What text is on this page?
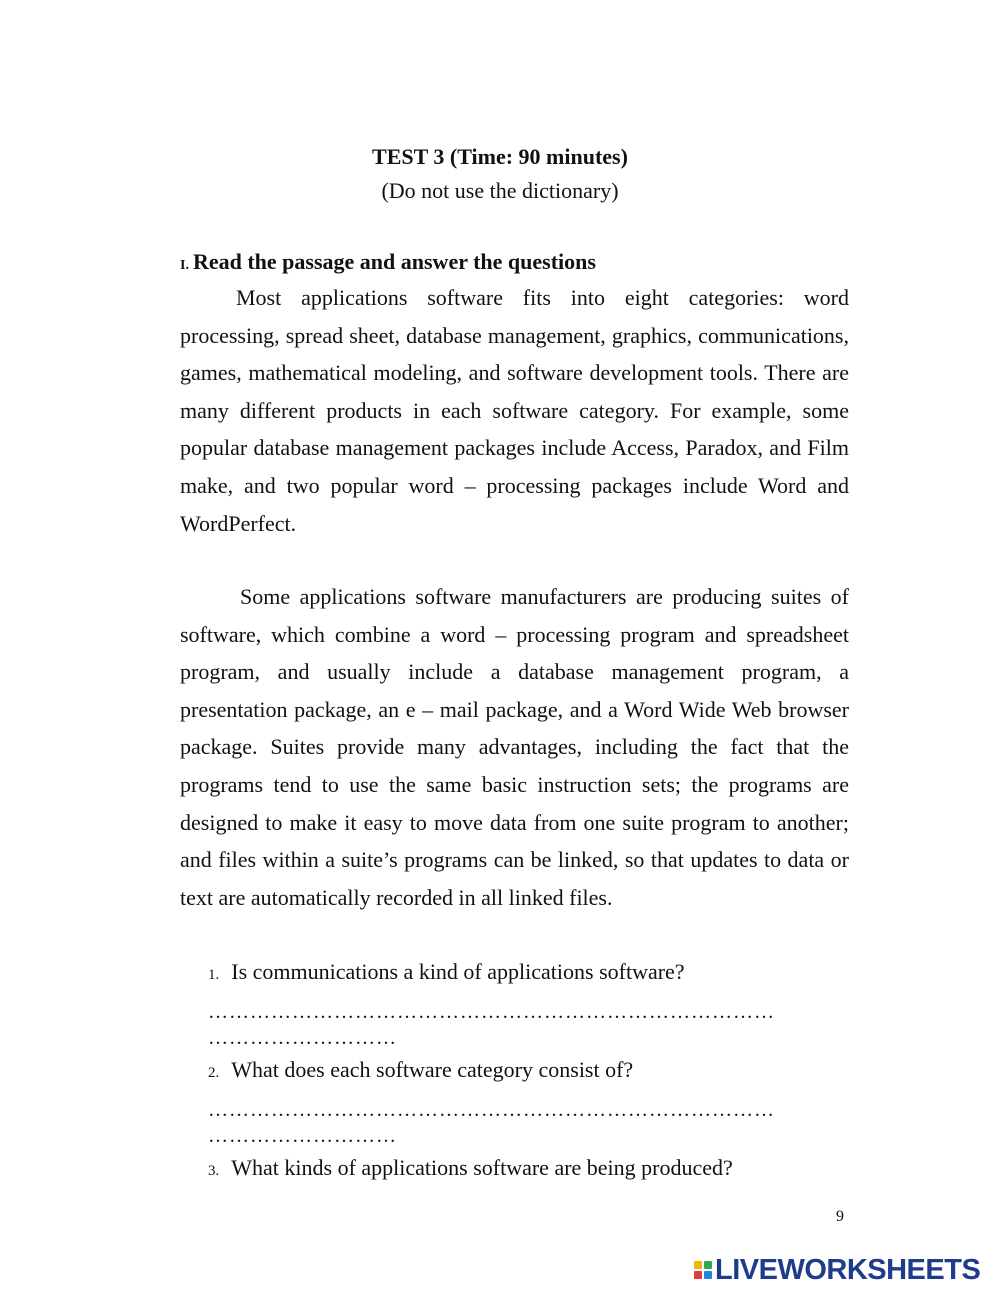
TEST 3 (Time: 90 minutes)
(Do not use the dictionary)
I. Read the passage and answer the questions

Most applications software fits into eight categories: word processing, spread sheet, database management, graphics, communications, games, mathematical modeling, and software development tools. There are many different products in each software category. For example, some popular database management packages include Access, Paradox, and Film make, and two popular word – processing packages include Word and WordPerfect.

Some applications software manufacturers are producing suites of software, which combine a word – processing program and spreadsheet program, and usually include a database management program, a presentation package, an e – mail package, and a Word Wide Web browser package. Suites provide many advantages, including the fact that the programs tend to use the same basic instruction sets; the programs are designed to make it easy to move data from one suite program to another; and files within a suite’s programs can be linked, so that updates to data or text are automatically recorded in all linked files.

1. Is communications a kind of applications software?
………………………………………………………………………
………………………
2. What does each software category consist of?
………………………………………………………………………
………………………
3. What kinds of applications software are being produced?
9
LIVEWORKSHEETS
